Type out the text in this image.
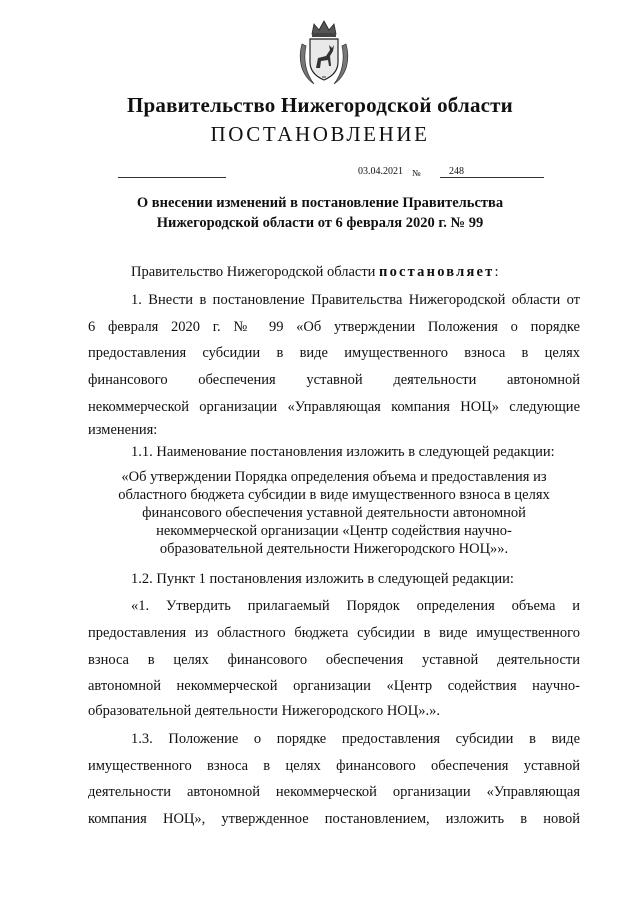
Правительство Нижегородской области
ПОСТАНОВЛЕНИЕ
03.04.2021 №	248
О внесении изменений в постановление Правительства
Нижегородской области от 6 февраля 2020 г. № 99
Правительство Нижегородской области постановляет:
1. Внести в постановление Правительства Нижегородской области от
6 февраля 2020 г. № 99 «Об утверждении Положения о порядке
предоставления субсидии в виде имущественного взноса в целях
финансового обеспечения уставной деятельности автономной
некоммерческой организации «Управляющая компания НОЦ» следующие
изменения:
1.1. Наименование постановления изложить в следующей редакции:
1.2. Пункт 1 постановления изложить в следующей редакции:
«1. Утвердить прилагаемый Порядок определения объема и
предоставления из областного бюджета субсидии в виде имущественного
взноса в целях финансового обеспечения уставной деятельности
автономной некоммерческой организации «Центр содействия научно-
образовательной деятельности Нижегородского НОЦ».».
1.3. Положение о порядке предоставления субсидии в виде
имущественного взноса в целях финансового обеспечения уставной
деятельности автономной некоммерческой организации «Управляющая
компания НОЦ», утвержденное постановлением, изложить в новой
«Об утверждении Порядка определения объема и предоставления из
областного бюджета субсидии в виде имущественного взноса в целях
финансового обеспечения уставной деятельности автономной
некоммерческой организации «Центр содействия научно-
образовательной деятельности Нижегородского НОЦ»».
